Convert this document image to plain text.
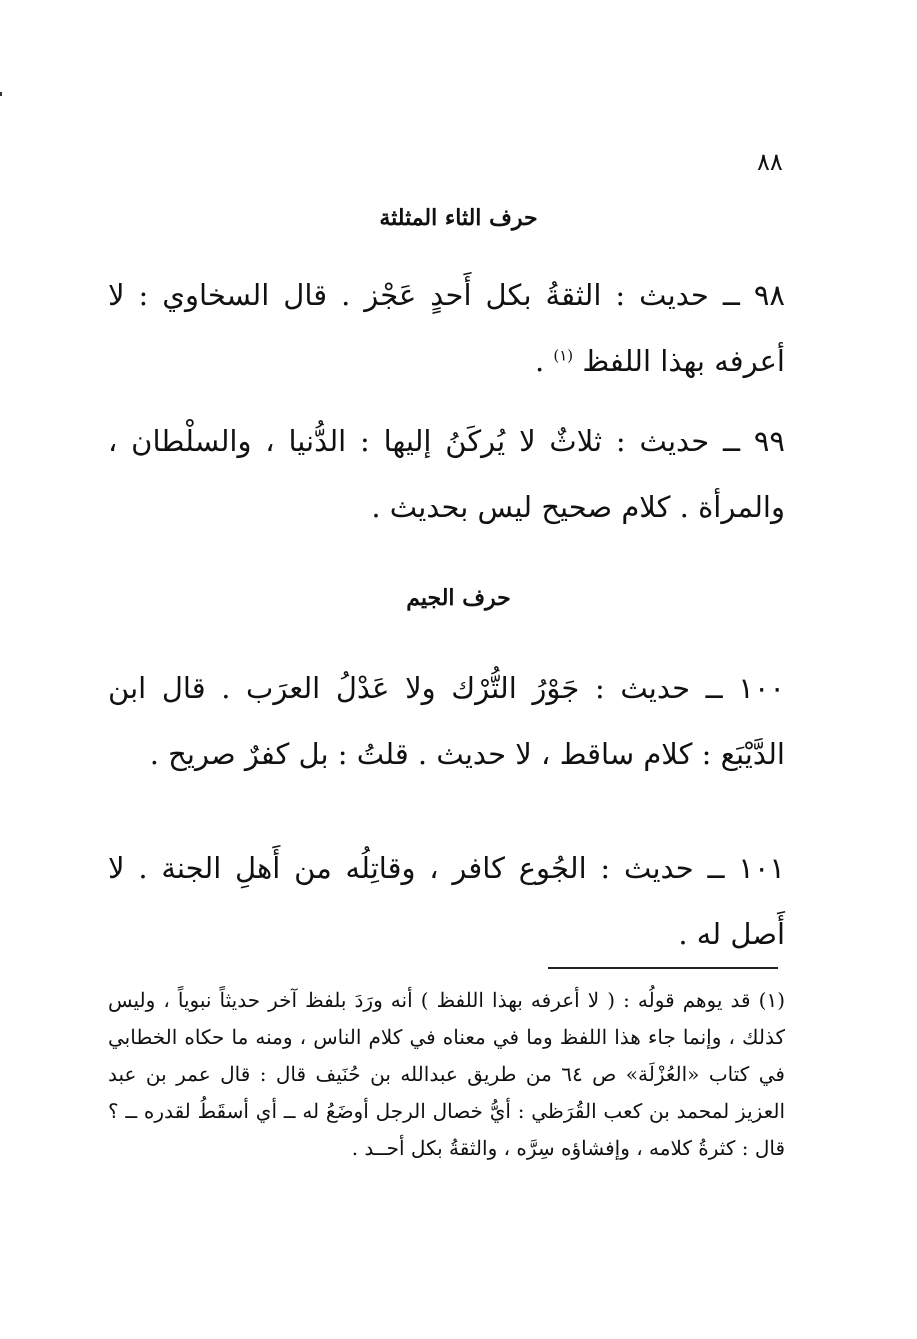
٨٨
حرف الثاء المثلثة
٩٨ ــ حديث : الثقةُ بكل أَحدٍ عَجْز . قال السخاوي : لا أعرفه بهذا اللفظ $^{(١)}$ .
٩٩ ــ حديث : ثلاثٌ لا يُركَنُ إليها : الدُّنيا ، والسلْطان ، والمرأة . كلام صحيح ليس بحديث .
حرف الجيم
١٠٠ ــ حديث : جَوْرُ التُّرْك ولا عَدْلُ العرَب . قال ابن الدَّيْبَع : كلام ساقط ، لا حديث . قلتُ : بل كفرٌ صريح .
١٠١ ــ حديث : الجُوع كافر ، وقاتِلُه من أَهلِ الجنة . لا أَصل له .
(١) قد يوهم قولُه : ( لا أعرفه بهذا اللفظ ) أنه ورَدَ بلفظ آخر حديثاً نبوياً ، وليس كذلك ، وإنما جاء هذا اللفظ وما في معناه في كلام الناس ، ومنه ما حكاه الخطابي في كتاب «العُزْلَة» ص ٦٤ من طريق عبدالله بن حُنَيف قال : قال عمر بن عبد العزيز لمحمد بن كعب القُرَظي : أيُّ خصال الرجل أوضَعُ له ــ أي أسقَطُ لقدره ــ ؟ قال : كثرةُ كلامه ، وإفشاؤه سِرَّه ، والثقةُ بكل أحــد .
